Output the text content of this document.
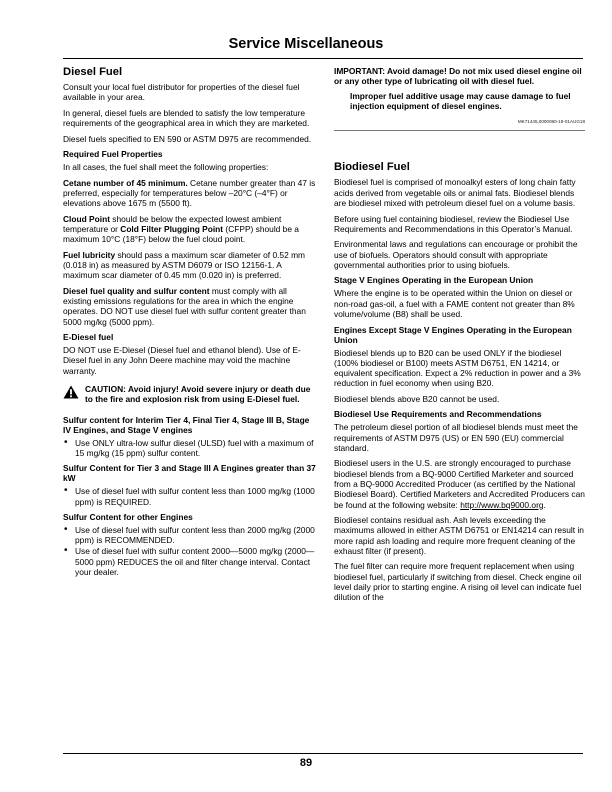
Service Miscellaneous
Diesel Fuel

Consult your local fuel distributor for properties of the diesel fuel available in your area.

In general, diesel fuels are blended to satisfy the low temperature requirements of the geographical area in which they are marketed.

Diesel fuels specified to EN 590 or ASTM D975 are recommended.

Required Fuel Properties

In all cases, the fuel shall meet the following properties:

Cetane number of 45 minimum. Cetane number greater than 47 is preferred, especially for temperatures below –20°C (–4°F) or elevations above 1675 m (5500 ft).

Cloud Point should be below the expected lowest ambient temperature or Cold Filter Plugging Point (CFPP) should be a maximum 10°C (18°F) below the fuel cloud point.

Fuel lubricity should pass a maximum scar diameter of 0.52 mm (0.018 in) as measured by ASTM D6079 or ISO 12156-1. A maximum scar diameter of 0.45 mm (0.020 in) is preferred.

Diesel fuel quality and sulfur content must comply with all existing emissions regulations for the area in which the engine operates. DO NOT use diesel fuel with sulfur content greater than 5000 mg/kg (5000 ppm).

E-Diesel fuel

DO NOT use E-Diesel (Diesel fuel and ethanol blend). Use of E-Diesel fuel in any John Deere machine may void the machine warranty.

CAUTION: Avoid injury! Avoid severe injury or death due to the fire and explosion risk from using E-Diesel fuel.
Sulfur content for Interim Tier 4, Final Tier 4, Stage III B, Stage IV Engines, and Stage V engines
• Use ONLY ultra-low sulfur diesel (ULSD) fuel with a maximum of 15 mg/kg (15 ppm) sulfur content.
Sulfur Content for Tier 3 and Stage III A Engines greater than 37 kW
• Use of diesel fuel with sulfur content less than 1000 mg/kg (1000 ppm) is REQUIRED.
Sulfur Content for other Engines
• Use of diesel fuel with sulfur content less than 2000 mg/kg (2000 ppm) is RECOMMENDED.
• Use of diesel fuel with sulfur content 2000—5000 mg/kg (2000—5000 ppm) REDUCES the oil and filter change interval. Contact your dealer.

IMPORTANT: Avoid damage! Do not mix used diesel engine oil or any other type of lubricating oil with diesel fuel.

Improper fuel additive usage may cause damage to fuel injection equipment of diesel engines.

MK71445,0000080-19-01AUG18
Biodiesel Fuel

Biodiesel fuel is comprised of monoalkyl esters of long chain fatty acids derived from vegetable oils or animal fats. Biodiesel blends are biodiesel mixed with petroleum diesel fuel on a volume basis.

Before using fuel containing biodiesel, review the Biodiesel Use Requirements and Recommendations in this Operator’s Manual.

Environmental laws and regulations can encourage or prohibit the use of biofuels. Operators should consult with appropriate governmental authorities prior to using biofuels.

Stage V Engines Operating in the European Union

Where the engine is to be operated within the Union on diesel or non-road gas-oil, a fuel with a FAME content not greater than 8% volume/volume (B8) shall be used.

Engines Except Stage V Engines Operating in the European Union

Biodiesel blends up to B20 can be used ONLY if the biodiesel (100% biodiesel or B100) meets ASTM D6751, EN 14214, or equivalent specification. Expect a 2% reduction in power and a 3% reduction in fuel economy when using B20.

Biodiesel blends above B20 cannot be used.

Biodiesel Use Requirements and Recommendations

The petroleum diesel portion of all biodiesel blends must meet the requirements of ASTM D975 (US) or EN 590 (EU) commercial standard.

Biodiesel users in the U.S. are strongly encouraged to purchase biodiesel blends from a BQ-9000 Certified Marketer and sourced from a BQ-9000 Accredited Producer (as certified by the National Biodiesel Board). Certified Marketers and Accredited Producers can be found at the following website: http://www.bq9000.org.

Biodiesel contains residual ash. Ash levels exceeding the maximums allowed in either ASTM D6751 or EN14214 can result in more rapid ash loading and require more frequent cleaning of the exhaust filter (if present).

The fuel filter can require more frequent replacement when using biodiesel fuel, particularly if switching from diesel. Check engine oil level daily prior to starting engine. A rising oil level can indicate fuel dilution of the

89
